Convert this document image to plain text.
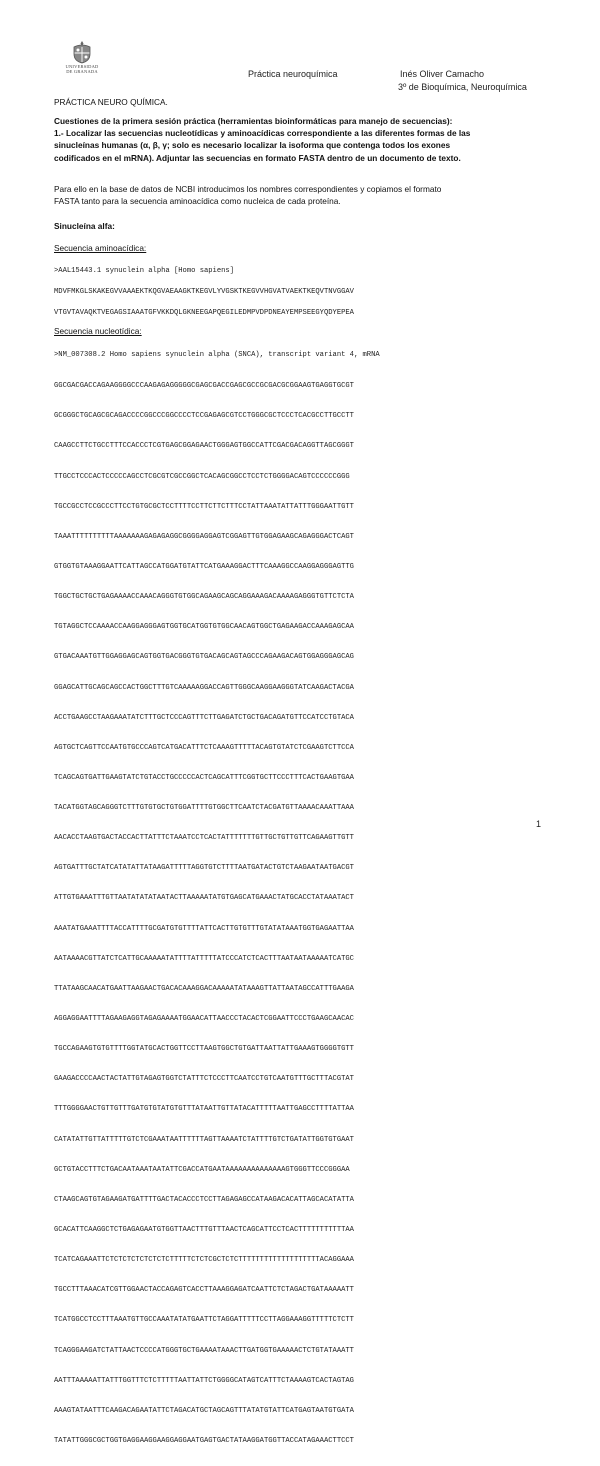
UNIVERSIDAD
DE GRANADA	Práctica neuroquímica	Inés Oliver Camacho
3º de Bioquímica, Neuroquímica
PRÁCTICA NEURO QUÍMICA.
Cuestiones de la primera sesión práctica (herramientas bioinformáticas para manejo de secuencias):
1.- Localizar las secuencias nucleotídicas y aminoacídicas correspondiente a las diferentes formas de las
sinucleínas humanas (α, β, γ; solo es necesario localizar la isoforma que contenga todos los exones
codificados en el mRNA). Adjuntar las secuencias en formato FASTA dentro de un documento de texto.
Para ello en la base de datos de NCBI introducimos los nombres correspondientes y copiamos el formato
FASTA tanto para la secuencia aminoacídica como nucleica de cada proteína.
Sinucleína alfa:
Secuencia aminoacídica:
>AAL15443.1 synuclein alpha [Homo sapiens]
MDVFMKGLSKAKEGVVAAAEKTKQGVAEAAGKTKEGVLYVGSKTKEGVVHGVATVAEKTKEQVTNVGGAV
VTGVTAVAQKTVEGAGSIAAATGFVKKDQLGKNEEGAPQEGILEDMPVDPDNEAYEMPSEEGYQDYEPEA
Secuencia nucleotídica:
>NM_007308.2 Homo sapiens synuclein alpha (SNCA), transcript variant 4, mRNA

GGCGACGACCAGAAGGGGCCCAAGAGAGGGGGCGAGCGACCGAGCGCCGCGACGCGGAAGTGAGGTGCGT

GCGGGCTGCAGCGCAGACCCCGGCCCGGCCCCTCCGAGAGCGTCCTGGGCGCTCCCTCACGCCTTGCCTT

CAAGCCTTCTGCCTTTCCACCCTCGTGAGCGGAGAACTGGGAGTGGCCATTCGACGACAGGTTAGCGGGT

TTGCCTCCCACTCCCCCAGCCTCGCGTCGCCGGCTCACAGCGGCCTCCTCTGGGGACAGTCCCCCCGGG

TGCCGCCTCCGCCCTTCCTGTGCGCTCCTTTTCCTTCTTCTTTCCTATTAAATATTATTTGGGAATTGTT

TAAATTTTTTTTTTAAAAAAAGAGAGAGGCGGGGAGGAGTCGGAGTTGTGGAGAAGCAGAGGGACTCAGT

GTGGTGTAAAGGAATTCATTAGCCATGGATGTATTCATGAAAGGACTTTCAAAGGCCAAGGAGGGAGTTG

TGGCTGCTGCTGAGAAAACCAAACAGGGTGTGGCAGAAGCAGCAGGAAAGACAAAAGAGGGTGTTCTCTA

TGTAGGCTCCAAAACCAAGGAGGGAGTGGTGCATGGTGTGGCAACAGTGGCTGAGAAGACCAAAGAGCAA

GTGACAAATGTTGGAGGAGCAGTGGTGACGGGTGTGACAGCAGTAGCCCAGAAGACAGTGGAGGGAGCAG

GGAGCATTGCAGCAGCCACTGGCTTTGTCAAAAAGGACCAGTTGGGCAAGGAAGGGTATCAAGACTACGA

ACCTGAAGCCTAAGAAATATCTTTGCTCCCAGTTTCTTGAGATCTGCTGACAGATGTTCCATCCTGTACA

AGTGCTCAGTTCCAATGTGCCCAGTCATGACATTTCTCAAAGTTTTTACAGTGTATCTCGAAGTCTTCCA

TCAGCAGTGATTGAAGTATCTGTACCTGCCCCCACTCAGCATTTCGGTGCTTCCCTTTCACTGAAGTGAA

TACATGGTAGCAGGGTCTTTGTGTGCTGTGGATTTTGTGGCTTCAATCTACGATGTTAAAACAAATTAAA

AACACCTAAGTGACTACCACTTATTTCTAAATCCTCACTATTTTTTTGTTGCTGTTGTTCAGAAGTTGTT

AGTGATTTGCTATCATATATTATAAGATTTTTAGGTGTCTTTTAATGATACTGTCTAAGAATAATGACGT

ATTGTGAAATTTGTTAATATATATAATACTTAAAAATATGTGAGCATGAAACTATGCACCTATAAATACT

AAATATGAAATTTTACCATTTTGCGATGTGTTTTATTCACTTGTGTTTGTATATAAATGGTGAGAATTAA

AATAAAACGTTATCTCATTGCAAAAATATTTTATTTTTATCCCATCTCACTTTAATAATAAAAATCATGC

TTATAAGCAACATGAATTAAGAACTGACACAAAGGACAAAAATATAAAGTTATTAATAGCCATTTGAAGA

AGGAGGAATTTTAGAAGAGGTAGAGAAAATGGAACATTAACCCTACACTCGGAATTCCCTGAAGCAACAC

TGCCAGAAGTGTGTTTTGGTATGCACTGGTTCCTTAAGTGGCTGTGATTAATTATTGAAAGTGGGGTGTT

GAAGACCCCAACTACTATTGTAGAGTGGTCTATTTCTCCCTTCAATCCTGTCAATGTTTGCTTTACGTAT

TTTGGGGAACTGTTGTTTGATGTGTATGTGTTTATAATTGTTATACATTTTTAATTGAGCCTTTTATTAA

CATATATTGTTATTTTTGTCTCGAAATAATTTTTTAGTTAAAATCTATTTTGTCTGATATTGGTGTGAAT

GCTGTACCTTTCTGACAATAAATAATATTCGACCATGAATAAAAAAAAAAAAAAGTGGGTTCCCGGGAA

CTAAGCAGTGTAGAAGATGATTTTGACTACACCCTCCTTAGAGAGCCATAAGACACATTAGCACATATTA

GCACATTCAAGGCTCTGAGAGAATGTGGTTAACTTTGTTTAACTCAGCATTCCTCACTTTTTTTTTTTAA

TCATCAGAAATTCTCTCTCTCTCTCTCTTTTTCTCTCGCTCTCTTTTTTTTTTTTTTTTTTTACAGGAAA

TGCCTTTAAACATCGTTGGAACTACCAGAGTCACCTTAAAGGAGATCAATTCTCTAGACTGATAAAAATT

TCATGGCCTCCTTTAAATGTTGCCAAATATATGAATTCTAGGATTTTTCCTTAGGAAAGGTTTTTCTCTT

TCAGGGAAGATCTATTAACTCCCCATGGGTGCTGAAAATAAACTTGATGGTGAAAAACTCTGTATAAATT

AATTTAAAAATTATTTGGTTTCTCTTTTTAATTATTCTGGGGCATAGTCATTTCTAAAAGTCACTAGTAG

AAAGTATAATTTCAAGACAGAATATTCTAGACATGCTAGCAGTTTATATGTATTCATGAGTAATGTGATA

TATATTGGGCGCTGGTGAGGAAGGAAGGAGGAATGAGTGACTATAAGGATGGTTACCATAGAAACTTCCT

1
